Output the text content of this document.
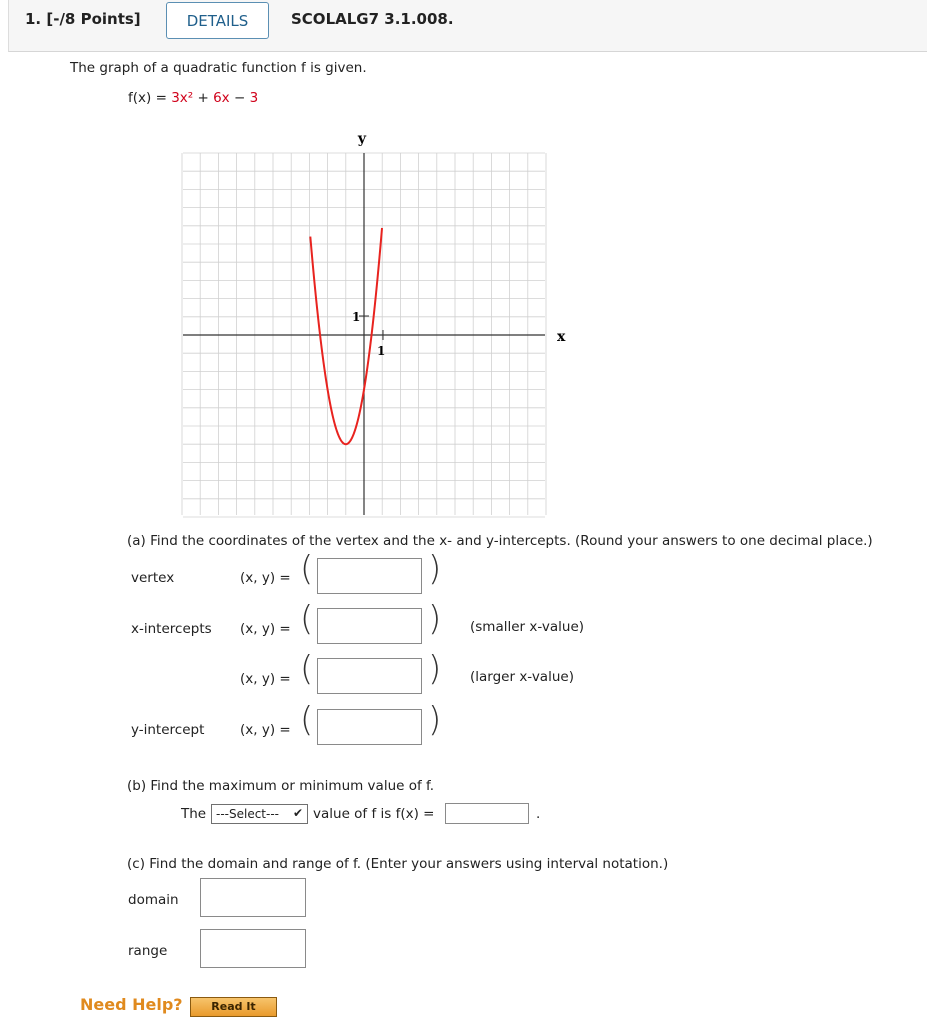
1. [-/8 Points]	DETAILS	SCOLALG7 3.1.008.
The graph of a quadratic function f is given.
f(x) = 3x² + 6x − 3
y
x
1
1
(a) Find the coordinates of the vertex and the x- and y-intercepts. (Round your answers to one decimal place.)
vertex	(x, y) = (	)
x-intercepts (x, y) = (	) (smaller x-value)
(x, y) = (	) (larger x-value)
y-intercept	(x, y) = (	)
(b) Find the maximum or minimum value of f.
The ---Select--- ✔ value of f is f(x) =	.
(c) Find the domain and range of f. (Enter your answers using interval notation.)
domain
range
Need Help?	Read It
